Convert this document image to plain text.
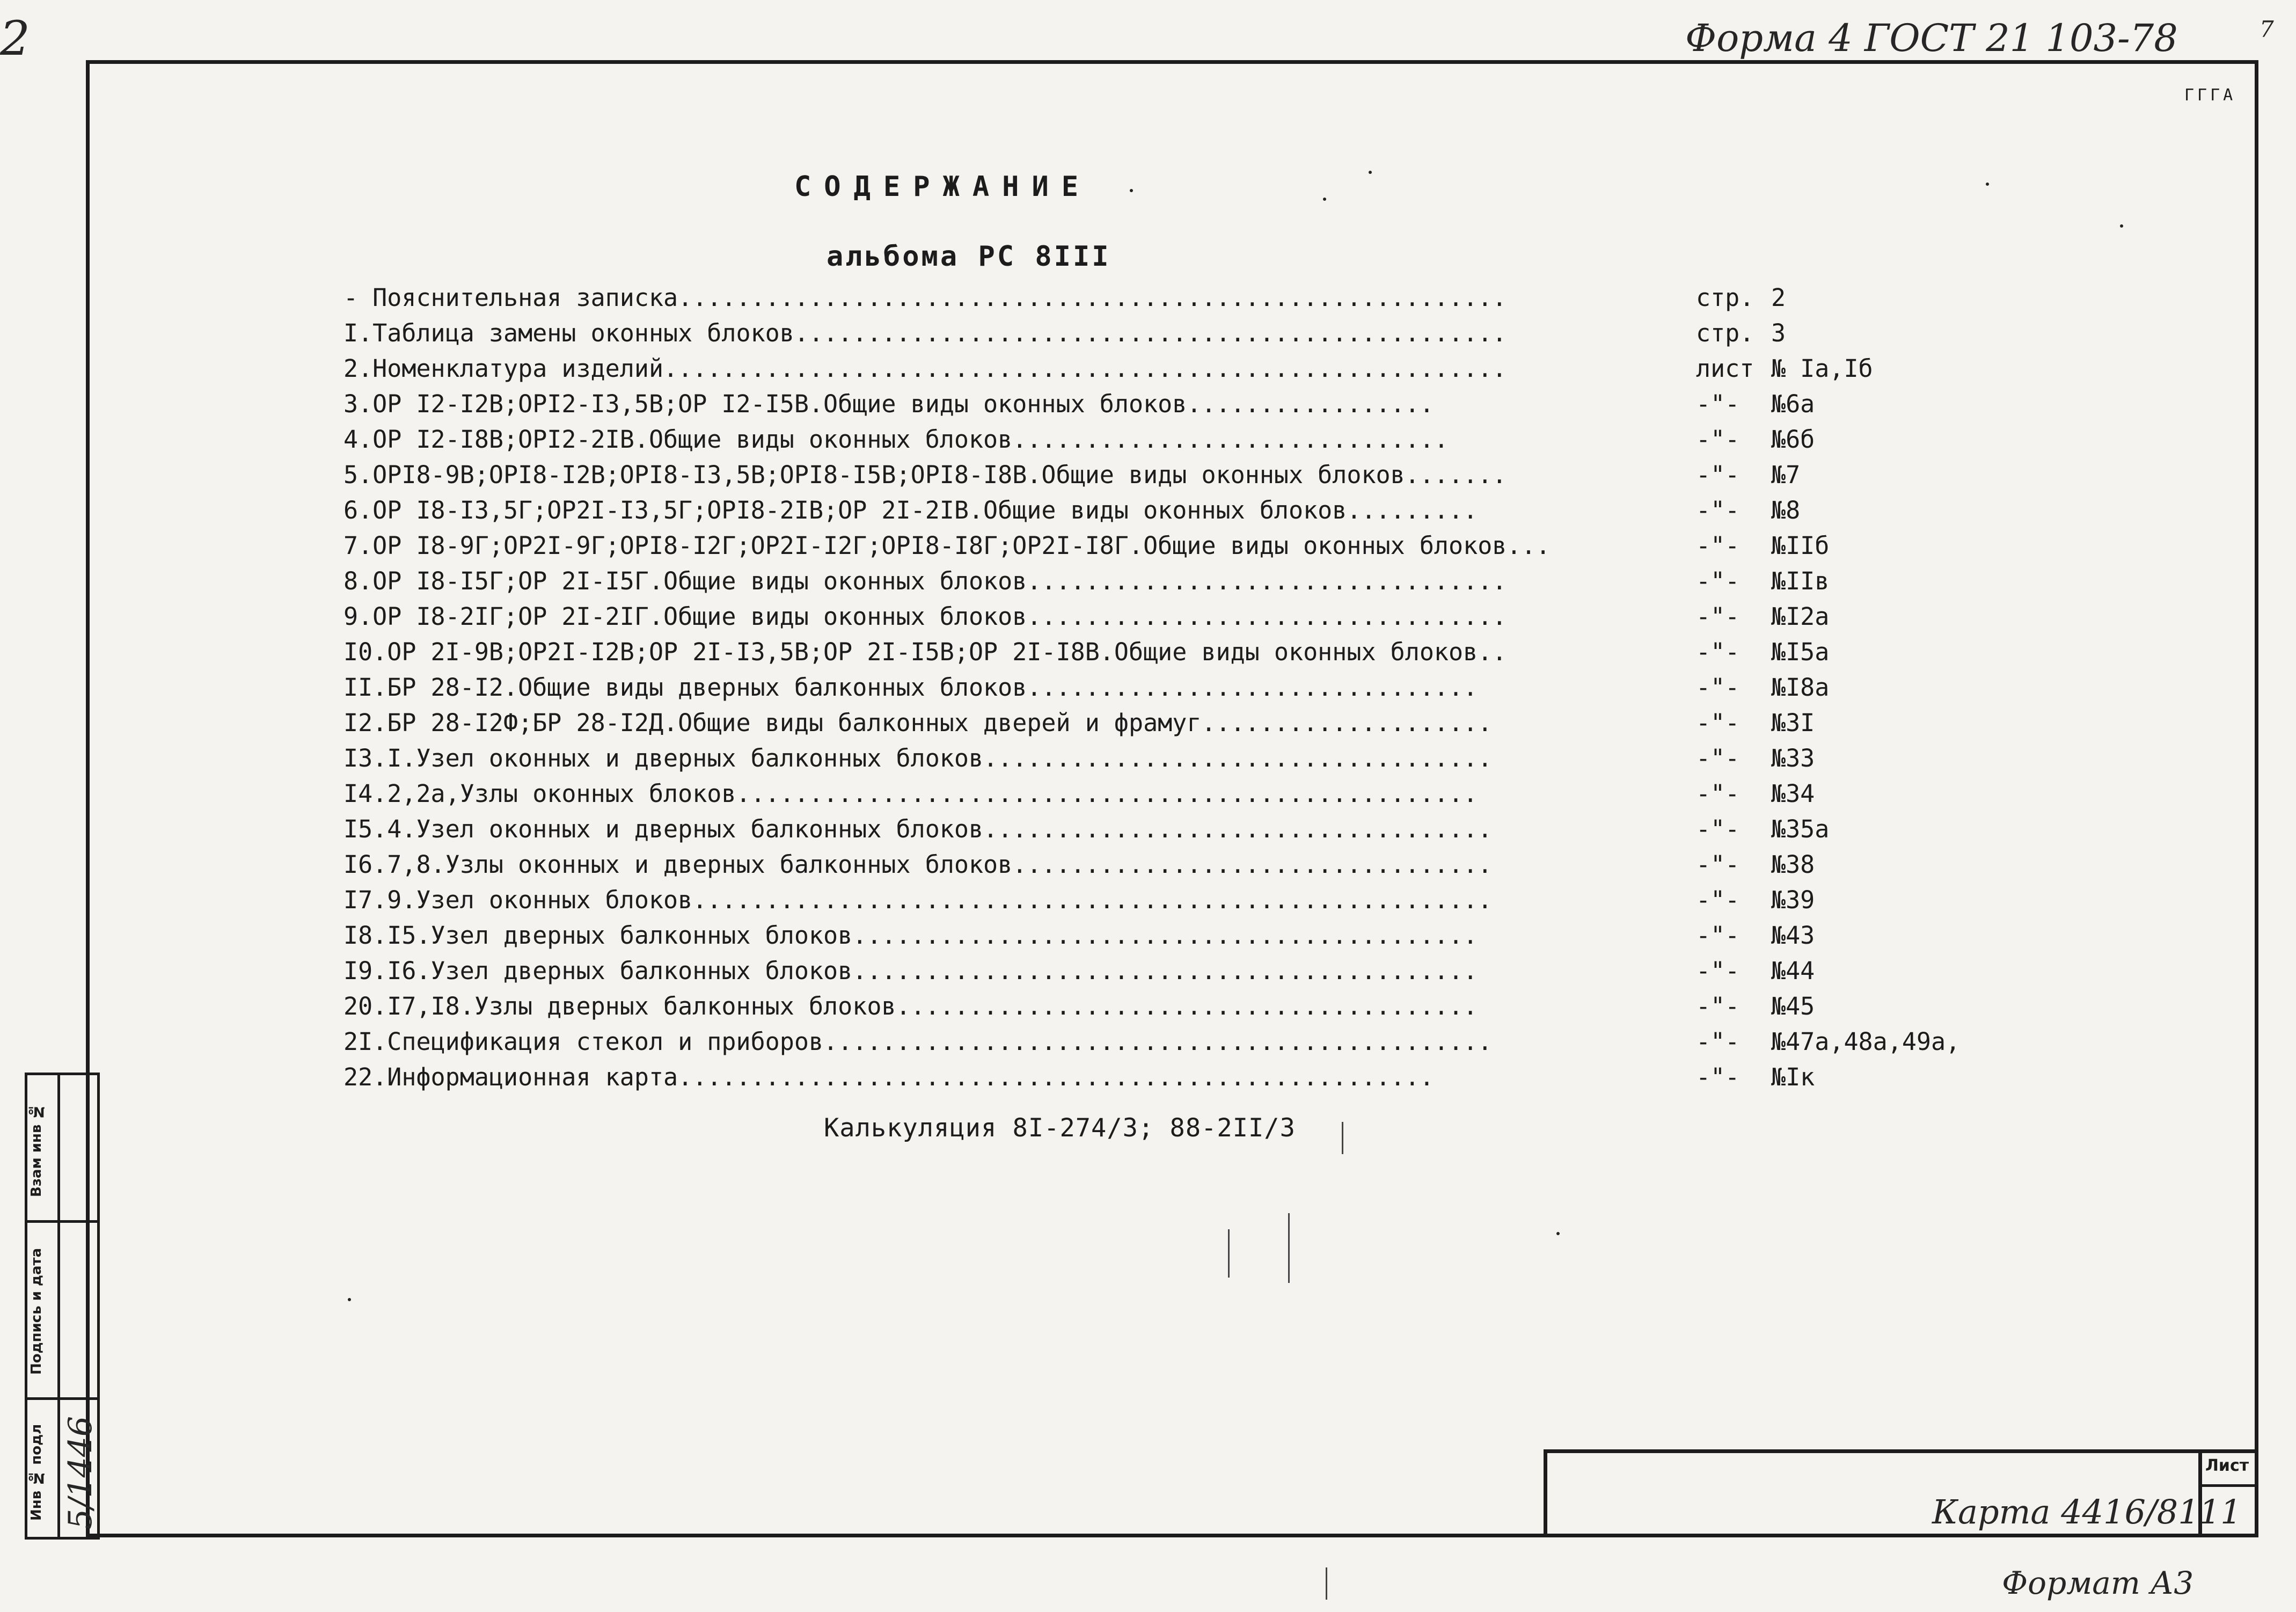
2	Форма 4 ГОСТ 21 103-78	7
ГГГА
СОДЕРЖАНИЕ
альбома РС 8III
- Пояснительная записка.........................................................	стр. 2
I.Таблица замены оконных блоков.................................................	стр. 3
2.Номенклатура изделий..........................................................	лист № Iа,Iб
3.ОР I2-I2В;ОРI2-I3,5В;ОР I2-I5В.Общие виды оконных блоков.................	-"- №6а
4.ОР I2-I8В;ОРI2-2IВ.Общие виды оконных блоков..............................	-"- №6б
5.ОРI8-9В;ОРI8-I2В;ОРI8-I3,5В;ОРI8-I5В;ОРI8-I8В.Общие виды оконных блоков.......	-"- №7
6.ОР I8-I3,5Г;ОР2I-I3,5Г;ОРI8-2IВ;ОР 2I-2IВ.Общие виды оконных блоков.........	-"- №8
7.ОР I8-9Г;ОР2I-9Г;ОРI8-I2Г;ОР2I-I2Г;ОРI8-I8Г;ОР2I-I8Г.Общие виды оконных блоков...	-"- №IIб
8.ОР I8-I5Г;ОР 2I-I5Г.Общие виды оконных блоков.................................	-"- №IIв
9.ОР I8-2IГ;ОР 2I-2IГ.Общие виды оконных блоков.................................	-"- №I2а
I0.ОР 2I-9В;ОР2I-I2В;ОР 2I-I3,5В;ОР 2I-I5В;ОР 2I-I8В.Общие виды оконных блоков..	-"- №I5а
II.БР 28-I2.Общие виды дверных балконных блоков...............................	-"- №I8а
I2.БР 28-I2Ф;БР 28-I2Д.Общие виды балконных дверей и фрамуг....................	-"- №3I
I3.I.Узел оконных и дверных балконных блоков...................................	-"- №33
I4.2,2а,Узлы оконных блоков...................................................	-"- №34
I5.4.Узел оконных и дверных балконных блоков...................................	-"- №35а
I6.7,8.Узлы оконных и дверных балконных блоков.................................	-"- №38
I7.9.Узел оконных блоков.......................................................	-"- №39
I8.I5.Узел дверных балконных блоков...........................................	-"- №43
I9.I6.Узел дверных балконных блоков...........................................	-"- №44
20.I7,I8.Узлы дверных балконных блоков........................................	-"- №45
2I.Спецификация стекол и приборов..............................................	-"- №47а,48а,49а,
22.Информационная карта....................................................	-"- №Iк
Калькуляция 8I-274/3; 88-2II/3
Взам инв №
Подпись и дата
Инв № подл 5/1446	Лист
Карта 4416/8111
Формат А3
